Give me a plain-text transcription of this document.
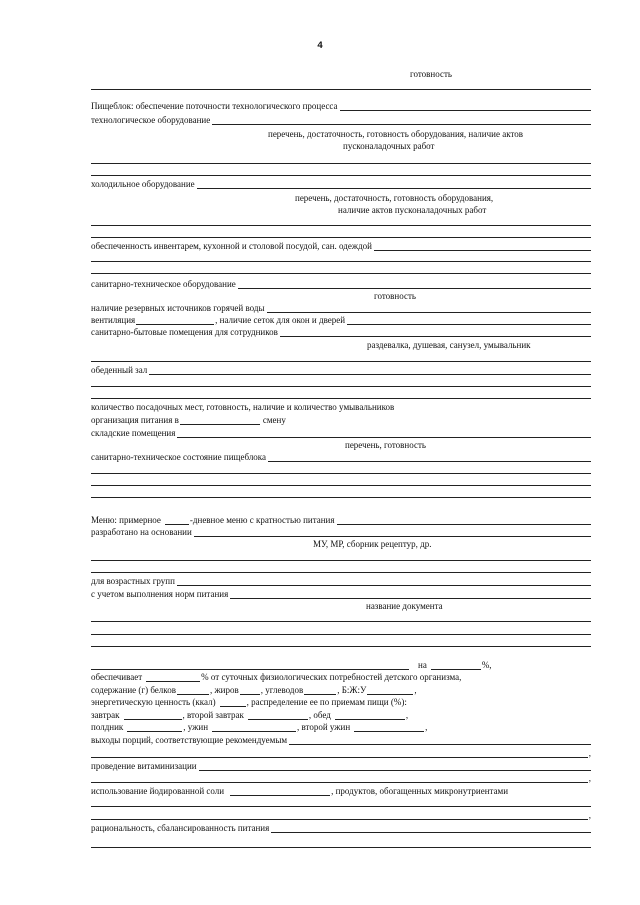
4
готовность
Пищеблок: обеспечение поточности технологического процесса
технологическое оборудование
перечень, достаточность, готовность оборудования, наличие актов
пусконаладочных работ
холодильное оборудование
перечень, достаточность, готовность оборудования,
наличие актов пусконаладочных работ
обеспеченность инвентарем, кухонной и столовой посудой, сан. одеждой
санитарно-техническое оборудование
готовность
наличие резервных источников горячей воды
вентиляция	, наличие сеток для окон и дверей
санитарно-бытовые помещения для сотрудников
раздевалка, душевая, санузел, умывальник
обеденный зал
количество посадочных мест, готовность, наличие и количество умывальников
организация питания в	смену
складские помещения
перечень, готовность
санитарно-техническое состояние пищеблока
Меню: примерное	-дневное меню с кратностью питания
разработано на основании
МУ, МР, сборник рецептур, др.
для возрастных групп
с учетом выполнения норм питания
название документа
на	%,
обеспечивает	% от суточных физиологических потребностей детского организма,
содержание (г) белков	, жиров , углеводов	, Б:Ж:У	,
энергетическую ценность (ккал)	, распределение ее по приемам пищи (%):
завтрак	, второй завтрак	, обед	,
полдник	, ужин	, второй ужин	,
выходы порций, соответствующие рекомендуемым
,
проведение витаминизации
,
использование йодированной соли	, продуктов, обогащенных микронутриентами
,
рациональность, сбалансированность питания
